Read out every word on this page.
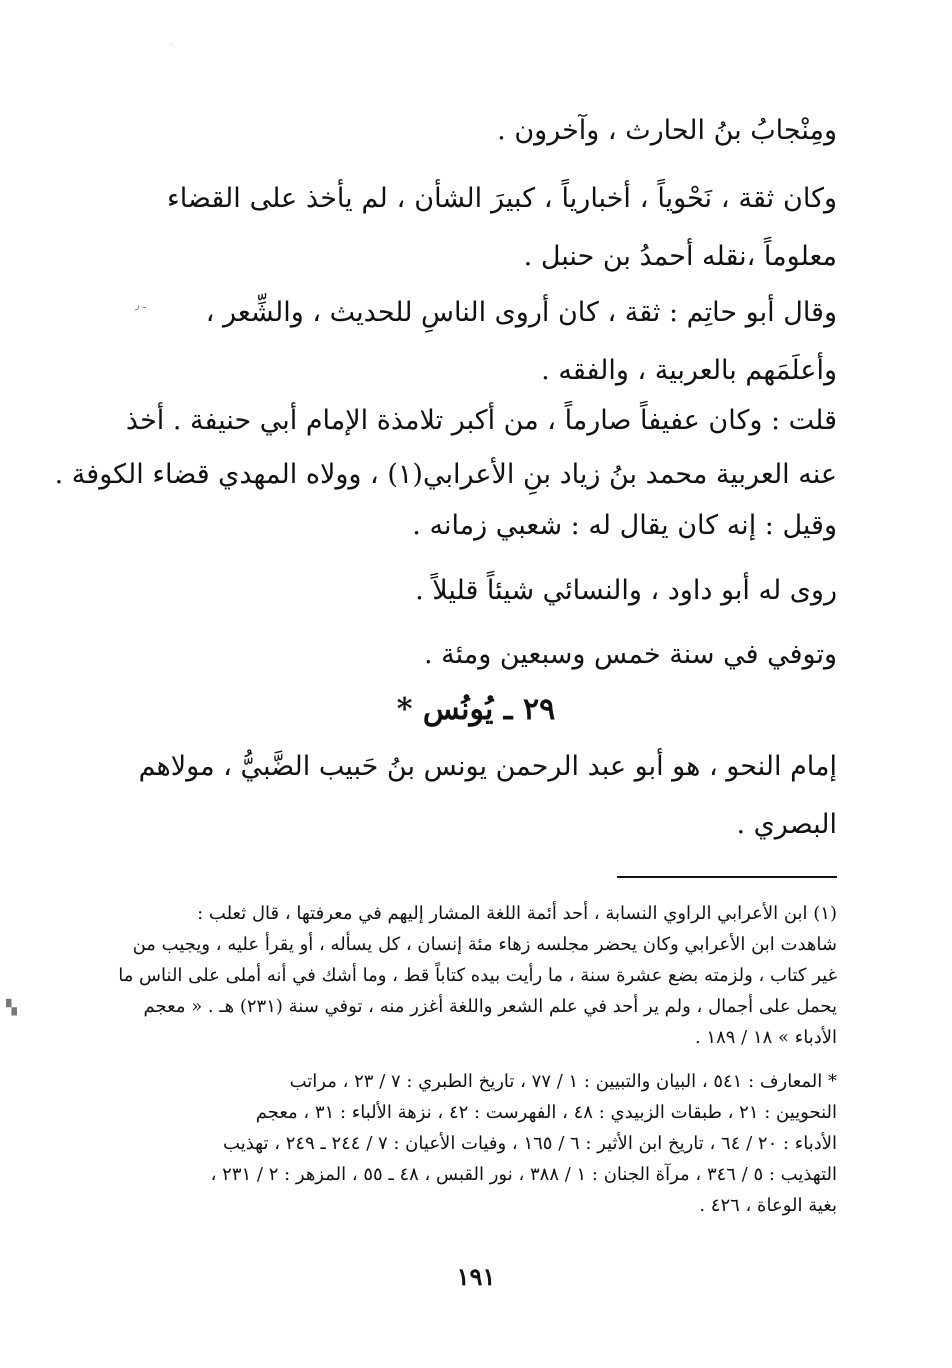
ومِنْجابُ بنُ الحارث ، وآخرون .
وكان ثقة ، نَحْوياً ، أخبارياً ، كبيرَ الشأن ، لم يأخذ على القضاء
معلوماً ،نقله أحمدُ بن حنبل .
وقال أبو حاتِم : ثقة ، كان أروى الناسِ للحديث ، والشِّعر ،
وأعلَمَهم بالعربية ، والفقه .
قلت : وكان عفيفاً صارماً ، من أكبر تلامذة الإمام أبي حنيفة . أخذ
عنه العربية محمد بنُ زياد بنِ الأعرابي(١) ، وولاه المهدي قضاء الكوفة .
وقيل : إنه كان يقال له : شعبي زمانه .
روى له أبو داود ، والنسائي شيئاً قليلاً .
وتوفي في سنة خمس وسبعين ومئة .
٢٩ ـ يُونُس *
إمام النحو ، هو أبو عبد الرحمن يونس بنُ حَبيب الضَّبيُّ ، مولاهم
البصري .
(١) ابن الأعرابي الراوي النسابة ، أحد أئمة اللغة المشار إليهم في معرفتها ، قال ثعلب :
شاهدت ابن الأعرابي وكان يحضر مجلسه زهاء مئة إنسان ، كل يسأله ، أو يقرأ عليه ، ويجيب من
غير كتاب ، ولزمته بضع عشرة سنة ، ما رأيت بيده كتاباً قط ، وما أشك في أنه أملى على الناس ما
يحمل على أجمال ، ولم ير أحد في علم الشعر واللغة أغزر منه ، توفي سنة (٢٣١) هـ . « معجم
الأدباء » ١٨ / ١٨٩ .
* المعارف : ٥٤١ ، البيان والتبيين : ١ / ٧٧ ، تاريخ الطبري : ٧ / ٢٣ ، مراتب
النحويين : ٢١ ، طبقات الزبيدي : ٤٨ ، الفهرست : ٤٢ ، نزهة الألباء : ٣١ ، معجم
الأدباء : ٢٠ / ٦٤ ، تاريخ ابن الأثير : ٦ / ١٦٥ ، وفيات الأعيان : ٧ / ٢٤٤ ـ ٢٤٩ ، تهذيب
التهذيب : ٥ / ٣٤٦ ، مرآة الجنان : ١ / ٣٨٨ ، نور القبس ، ٤٨ ـ ٥٥ ، المزهر : ٢ / ٢٣١ ،
بغية الوعاة ، ٤٢٦ .
١٩١
▚
·
ـ ر
